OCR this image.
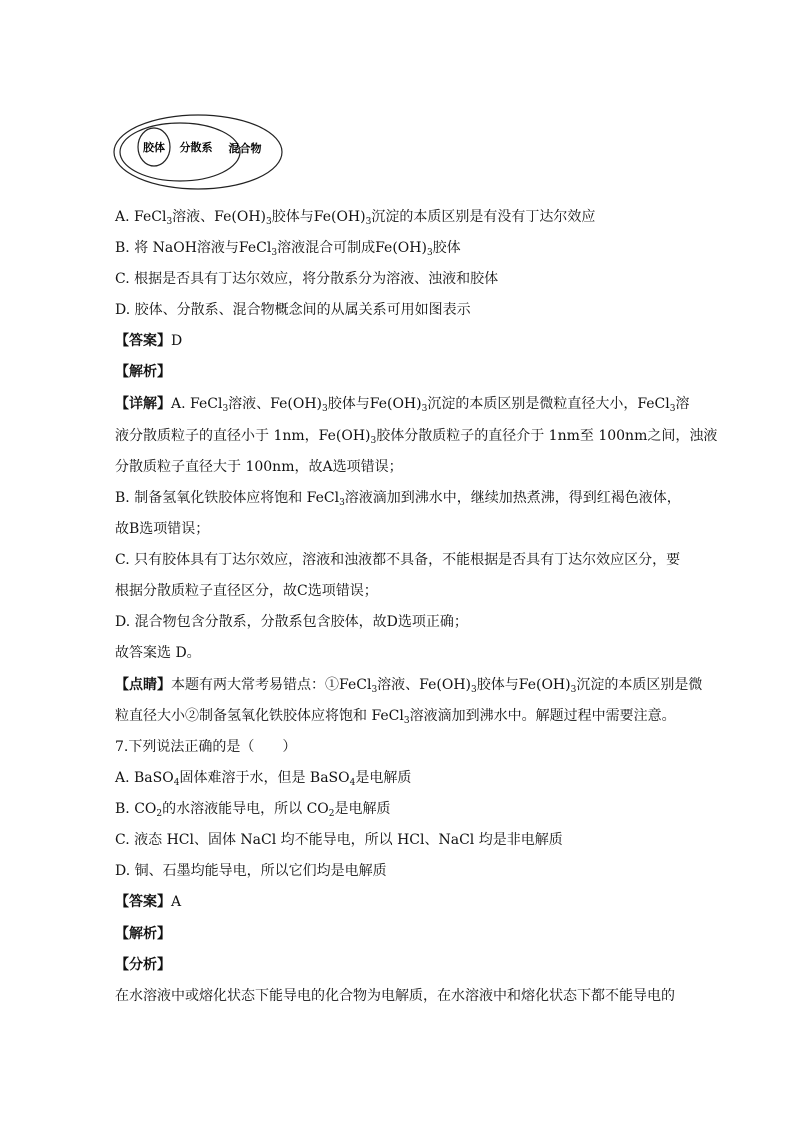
胶体 分散系 混合物
A. FeCl$_3$溶液、$Fe(OH)_3$胶体与$Fe(OH)_3$沉淀的本质区别是有没有丁达尔效应
B. 将 NaOH溶液与FeCl$_3$溶液混合可制成$Fe(OH)_3$胶体
C. 根据是否具有丁达尔效应，将分散系分为溶液、浊液和胶体
D. 胶体、分散系、混合物概念间的从属关系可用如图表示
【答案】D
【解析】
【详解】A. FeCl$_3$溶液、$Fe(OH)_3$胶体与$Fe(OH)_3$沉淀的本质区别是微粒直径大小，FeCl$_3$溶
液分散质粒子的直径小于 1nm，$Fe(OH)_3$胶体分散质粒子的直径介于 1nm至 100nm之间，浊液
分散质粒子直径大于 100nm，故A选项错误；
B. 制备氢氧化铁胶体应将饱和 FeCl$_3$溶液滴加到沸水中，继续加热煮沸，得到红褐色液体，
故B选项错误；
C. 只有胶体具有丁达尔效应，溶液和浊液都不具备，不能根据是否具有丁达尔效应区分，要
根据分散质粒子直径区分，故C选项错误；
D. 混合物包含分散系，分散系包含胶体，故D选项正确；
故答案选 D。
【点睛】本题有两大常考易错点：①FeCl$_3$溶液、$Fe(OH)_3$胶体与$Fe(OH)_3$沉淀的本质区别是微
粒直径大小②制备氢氧化铁胶体应将饱和 FeCl$_3$溶液滴加到沸水中。解题过程中需要注意。
7.下列说法正确的是（　　）
A. BaSO$_4$固体难溶于水，但是 BaSO$_4$是电解质
B. $CO_2$的水溶液能导电，所以 $CO_2$是电解质
C. 液态 HCl、固体 NaCl 均不能导电，所以 HCl、NaCl 均是非电解质
D. 铜、石墨均能导电，所以它们均是电解质
【答案】A
【解析】
【分析】
在水溶液中或熔化状态下能导电的化合物为电解质，在水溶液中和熔化状态下都不能导电的
